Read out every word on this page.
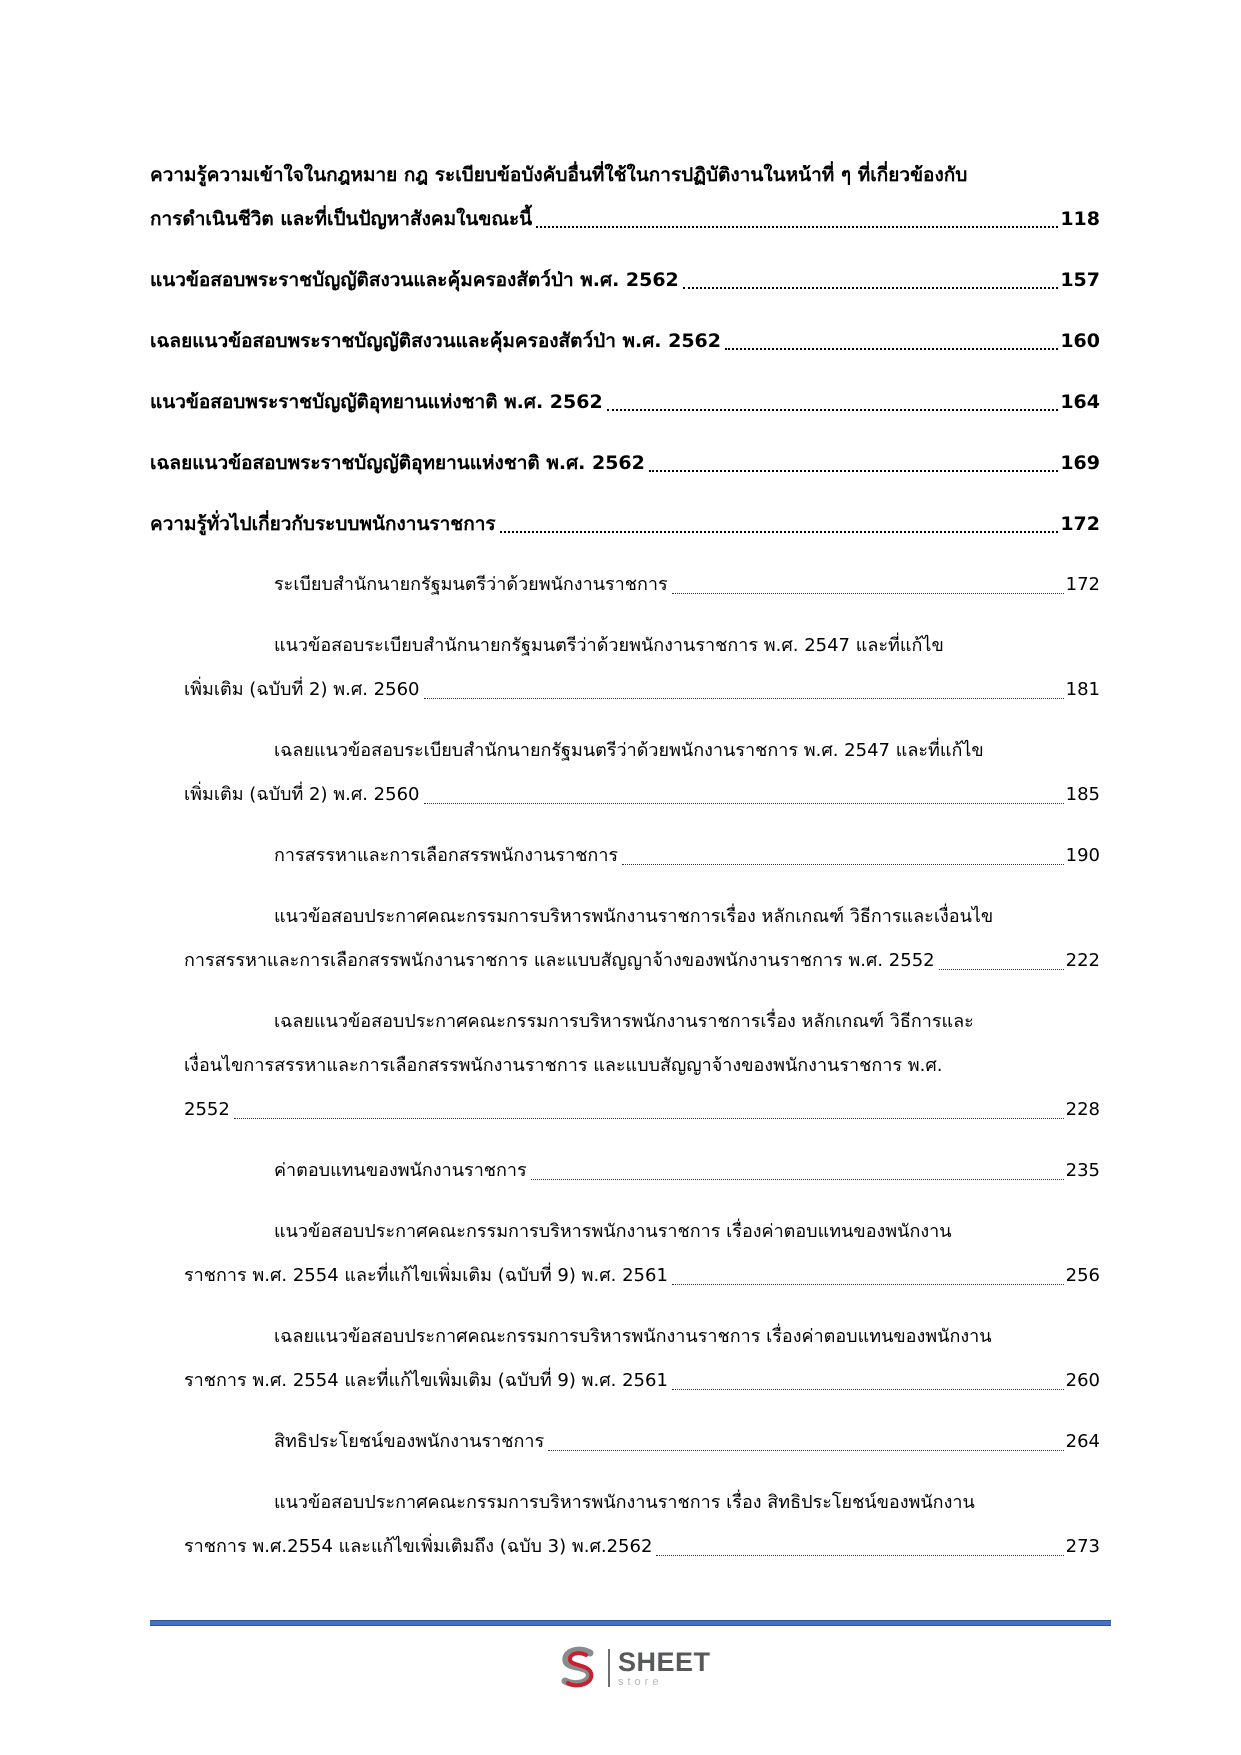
ความรู้ความเข้าใจในกฎหมาย กฎ ระเบียบข้อบังคับอื่นที่ใช้ในการปฏิบัติงานในหน้าที่ ๆ ที่เกี่ยวข้องกับ
การดำเนินชีวิต และที่เป็นปัญหาสังคมในขณะนี้	118
แนวข้อสอบพระราชบัญญัติสงวนและคุ้มครองสัตว์ป่า พ.ศ. 2562	157
เฉลยแนวข้อสอบพระราชบัญญัติสงวนและคุ้มครองสัตว์ป่า พ.ศ. 2562	160
แนวข้อสอบพระราชบัญญัติอุทยานแห่งชาติ พ.ศ. 2562	164
เฉลยแนวข้อสอบพระราชบัญญัติอุทยานแห่งชาติ พ.ศ. 2562	169
ความรู้ทั่วไปเกี่ยวกับระบบพนักงานราชการ	172
ระเบียบสำนักนายกรัฐมนตรีว่าด้วยพนักงานราชการ	172
แนวข้อสอบระเบียบสำนักนายกรัฐมนตรีว่าด้วยพนักงานราชการ พ.ศ. 2547 และที่แก้ไข
เพิ่มเติม (ฉบับที่ 2) พ.ศ. 2560	181
เฉลยแนวข้อสอบระเบียบสำนักนายกรัฐมนตรีว่าด้วยพนักงานราชการ พ.ศ. 2547 และที่แก้ไข
เพิ่มเติม (ฉบับที่ 2) พ.ศ. 2560	185
การสรรหาและการเลือกสรรพนักงานราชการ	190
แนวข้อสอบประกาศคณะกรรมการบริหารพนักงานราชการเรื่อง หลักเกณฑ์ วิธีการและเงื่อนไข
การสรรหาและการเลือกสรรพนักงานราชการ และแบบสัญญาจ้างของพนักงานราชการ พ.ศ. 2552	222
เฉลยแนวข้อสอบประกาศคณะกรรมการบริหารพนักงานราชการเรื่อง หลักเกณฑ์ วิธีการและ
เงื่อนไขการสรรหาและการเลือกสรรพนักงานราชการ และแบบสัญญาจ้างของพนักงานราชการ พ.ศ.
2552	228
ค่าตอบแทนของพนักงานราชการ	235
แนวข้อสอบประกาศคณะกรรมการบริหารพนักงานราชการ เรื่องค่าตอบแทนของพนักงาน
ราชการ พ.ศ. 2554 และที่แก้ไขเพิ่มเติม (ฉบับที่ 9) พ.ศ. 2561	256
เฉลยแนวข้อสอบประกาศคณะกรรมการบริหารพนักงานราชการ เรื่องค่าตอบแทนของพนักงาน
ราชการ พ.ศ. 2554 และที่แก้ไขเพิ่มเติม (ฉบับที่ 9) พ.ศ. 2561	260
สิทธิประโยชน์ของพนักงานราชการ	264
แนวข้อสอบประกาศคณะกรรมการบริหารพนักงานราชการ เรื่อง สิทธิประโยชน์ของพนักงาน
ราชการ พ.ศ.2554 และแก้ไขเพิ่มเติมถึง (ฉบับ 3) พ.ศ.2562	273
SHEET
store
